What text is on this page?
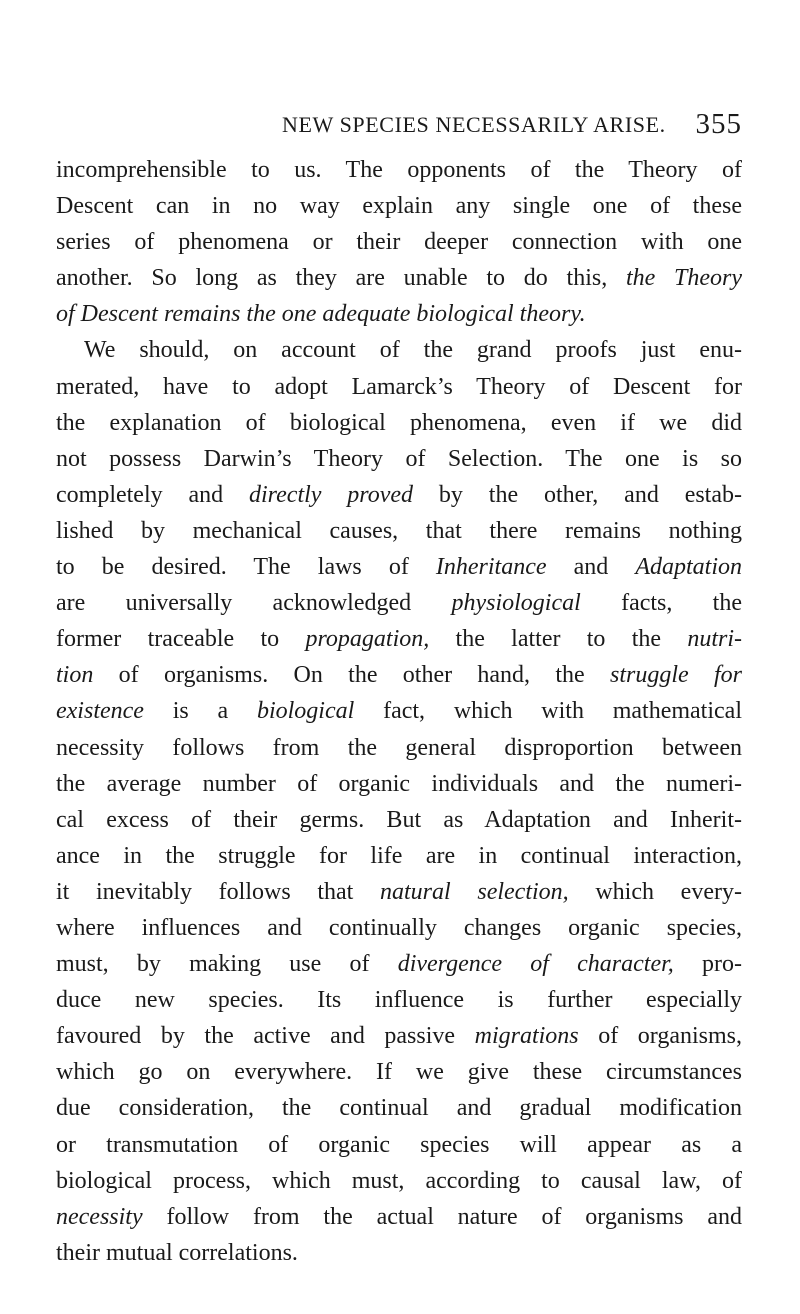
NEW SPECIES NECESSARILY ARISE. 355
incomprehensible to us. The opponents of the Theory of
Descent can in no way explain any single one of these
series of phenomena or their deeper connection with one
another. So long as they are unable to do this, the Theory
of Descent remains the one adequate biological theory.
We should, on account of the grand proofs just enu-
merated, have to adopt Lamarck’s Theory of Descent for
the explanation of biological phenomena, even if we did
not possess Darwin’s Theory of Selection. The one is so
completely and directly proved by the other, and estab-
lished by mechanical causes, that there remains nothing
to be desired. The laws of Inheritance and Adaptation
are universally acknowledged physiological facts, the
former traceable to propagation, the latter to the nutri-
tion of organisms. On the other hand, the struggle for
existence is a biological fact, which with mathematical
necessity follows from the general disproportion between
the average number of organic individuals and the numeri-
cal excess of their germs. But as Adaptation and Inherit-
ance in the struggle for life are in continual interaction,
it inevitably follows that natural selection, which every-
where influences and continually changes organic species,
must, by making use of divergence of character, pro-
duce new species. Its influence is further especially
favoured by the active and passive migrations of organisms,
which go on everywhere. If we give these circumstances
due consideration, the continual and gradual modification
or transmutation of organic species will appear as a
biological process, which must, according to causal law, of
necessity follow from the actual nature of organisms and
their mutual correlations.
